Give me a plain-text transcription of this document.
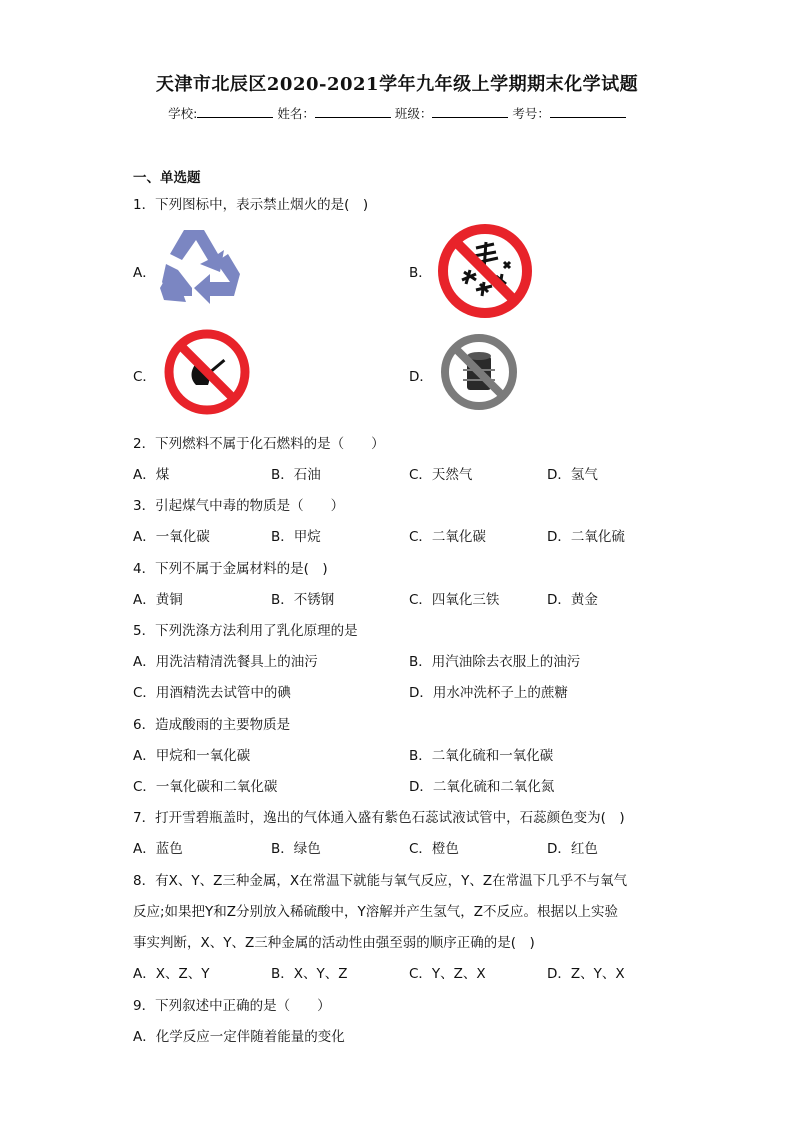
天津市北辰区2020-2021学年九年级上学期期末化学试题
学校:	姓名：	班级：	考号：
一、单选题
1．下列图标中，表示禁止烟火的是(　)
A．	B．
C．	D．
2．下列燃料不属于化石燃料的是（　　）
A．煤	B．石油	C．天然气	D．氢气
3．引起煤气中毒的物质是（　　）
A．一氧化碳	B．甲烷	C．二氧化碳	D．二氧化硫
4．下列不属于金属材料的是(　)
A．黄铜	B．不锈钢	C．四氧化三铁	D．黄金
5．下列洗涤方法利用了乳化原理的是
A．用洗洁精清洗餐具上的油污	B．用汽油除去衣服上的油污
C．用酒精洗去试管中的碘	D．用水冲洗杯子上的蔗糖
6．造成酸雨的主要物质是
A．甲烷和一氧化碳	B．二氧化硫和一氧化碳
C．一氧化碳和二氧化碳	D．二氧化硫和二氧化氮
7．打开雪碧瓶盖时，逸出的气体通入盛有紫色石蕊试液试管中，石蕊颜色变为(　)
A．蓝色	B．绿色	C．橙色	D．红色
8．有X、Y、Z三种金属，X在常温下就能与氧气反应，Y、Z在常温下几乎不与氧气
反应;如果把Y和Z分别放入稀硫酸中，Y溶解并产生氢气，Z不反应。根据以上实验
事实判断，X、Y、Z三种金属的活动性由强至弱的顺序正确的是(　)
A．X、Z、Y	B．X、Y、Z	C．Y、Z、X	D．Z、Y、X
9．下列叙述中正确的是（　　）
A．化学反应一定伴随着能量的变化
